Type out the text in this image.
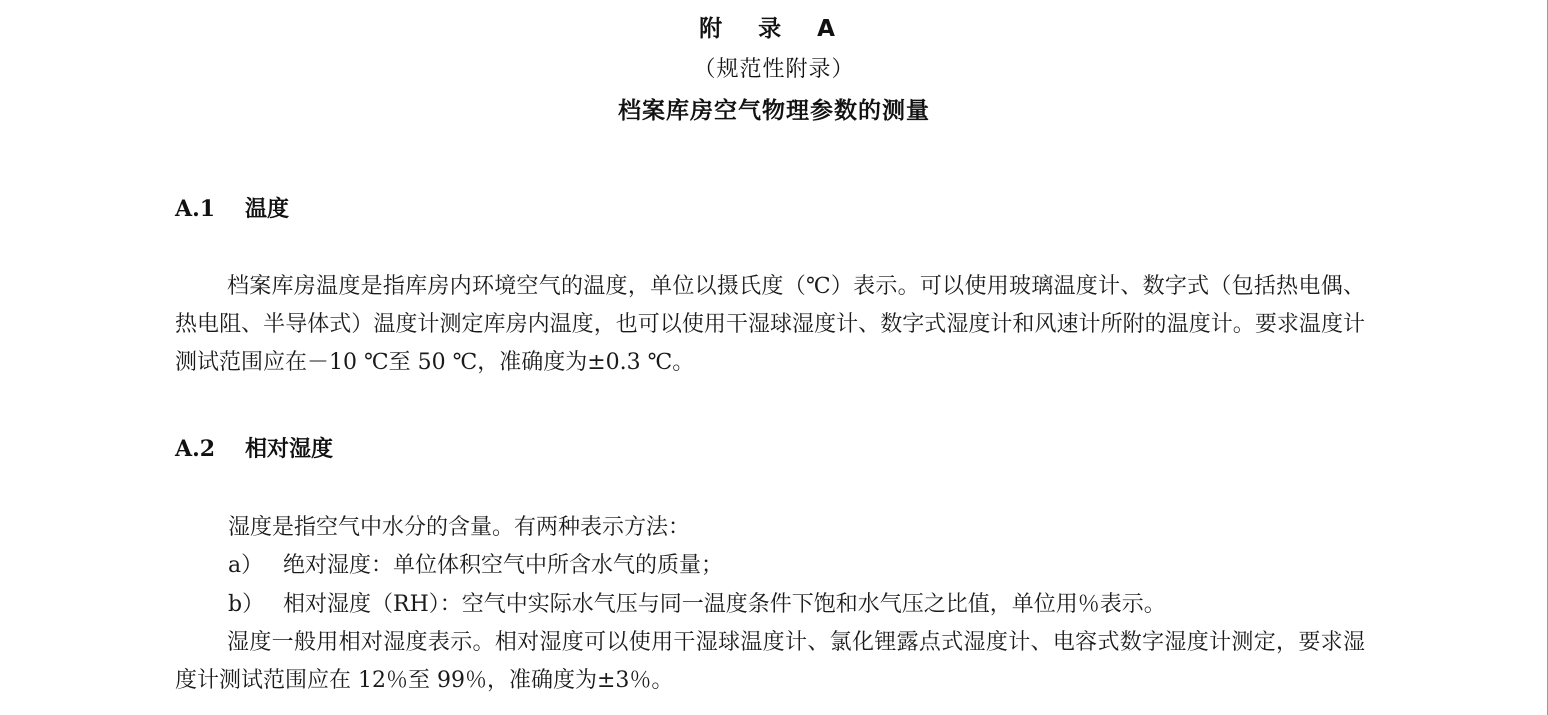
附 录 A
（规范性附录）
档案库房空气物理参数的测量
A.1 温度
档案库房温度是指库房内环境空气的温度，单位以摄氏度（℃）表示。可以使用玻璃温度计、数字式（包括热电偶、热电阻、半导体式）温度计测定库房内温度，也可以使用干湿球湿度计、数字式湿度计和风速计所附的温度计。要求温度计测试范围应在－10 ℃至 50 ℃，准确度为±0.3 ℃。
A.2 相对湿度
湿度是指空气中水分的含量。有两种表示方法：
a） 绝对湿度：单位体积空气中所含水气的质量；
b） 相对湿度（RH）：空气中实际水气压与同一温度条件下饱和水气压之比值，单位用％表示。
湿度一般用相对湿度表示。相对湿度可以使用干湿球温度计、氯化锂露点式湿度计、电容式数字湿度计测定，要求湿度计测试范围应在 12％至 99％，准确度为±3％。
